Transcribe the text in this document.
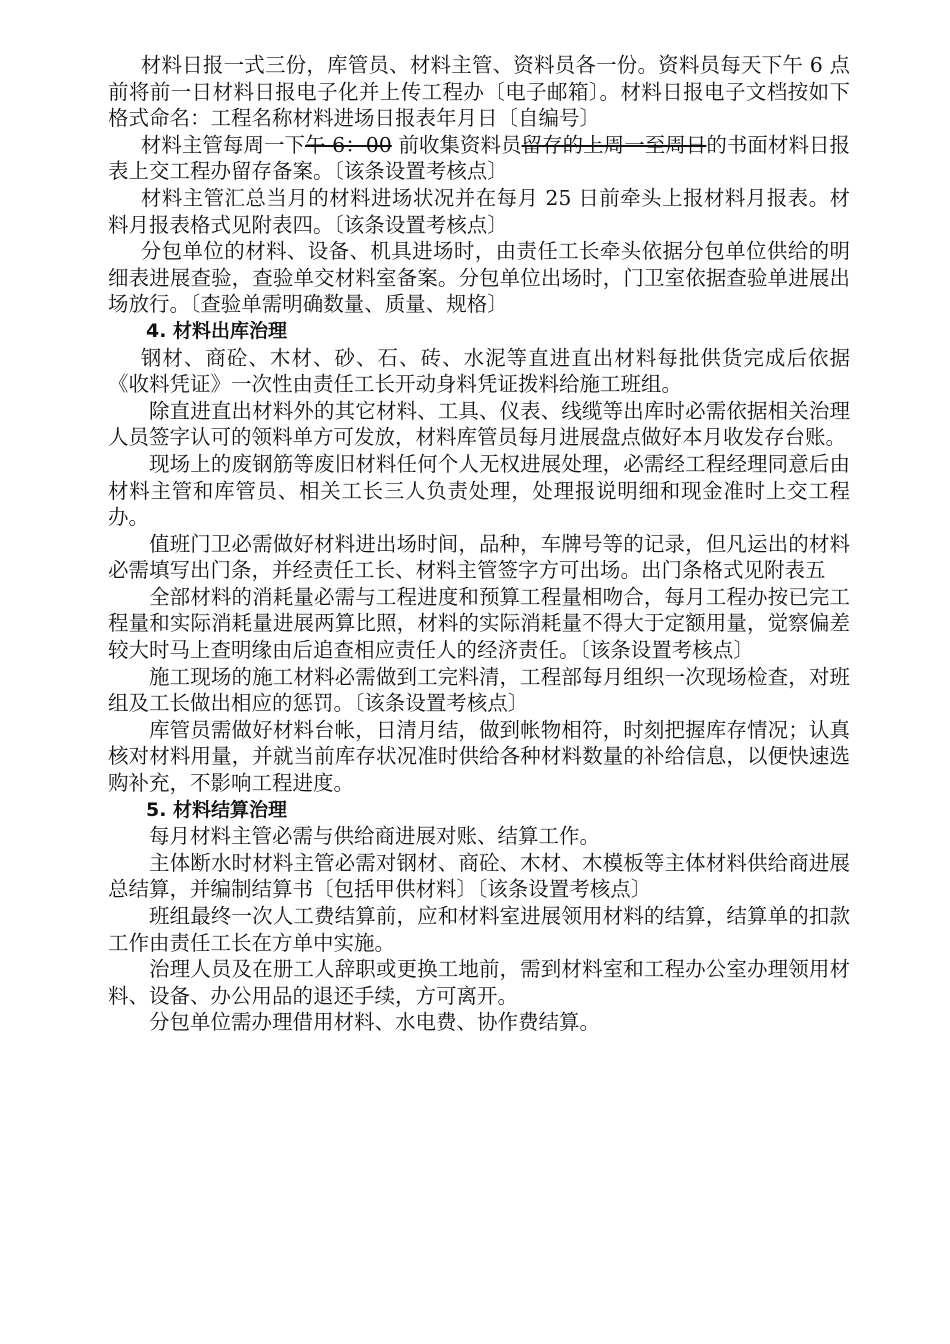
材料日报一式三份，库管员、材料主管、资料员各一份。资料员每天下午 6 点前将前一日材料日报电子化并上传工程办〔电子邮箱〕。材料日报电子文档按如下格式命名：工程名称材料进场日报表年月日〔自编号〕

材料主管每周一下午 6：00 前收集资料员留存的上周一至周日的书面材料日报表上交工程办留存备案。〔该条设置考核点〕

材料主管汇总当月的材料进场状况并在每月 25 日前牵头上报材料月报表。材料月报表格式见附表四。〔该条设置考核点〕

分包单位的材料、设备、机具进场时，由责任工长牵头依据分包单位供给的明细表进展查验，查验单交材料室备案。分包单位出场时，门卫室依据查验单进展出场放行。〔查验单需明确数量、质量、规格〕

4. 材料出库治理

钢材、商砼、木材、砂、石、砖、水泥等直进直出材料每批供货完成后依据《收料凭证》一次性由责任工长开动身料凭证拨料给施工班组。

除直进直出材料外的其它材料、工具、仪表、线缆等出库时必需依据相关治理人员签字认可的领料单方可发放，材料库管员每月进展盘点做好本月收发存台账。

现场上的废钢筋等废旧材料任何个人无权进展处理，必需经工程经理同意后由材料主管和库管员、相关工长三人负责处理，处理报说明细和现金准时上交工程办。

值班门卫必需做好材料进出场时间，品种，车牌号等的记录，但凡运出的材料必需填写出门条，并经责任工长、材料主管签字方可出场。出门条格式见附表五

全部材料的消耗量必需与工程进度和预算工程量相吻合，每月工程办按已完工程量和实际消耗量进展两算比照，材料的实际消耗量不得大于定额用量，觉察偏差较大时马上查明缘由后追查相应责任人的经济责任。〔该条设置考核点〕

施工现场的施工材料必需做到工完料清，工程部每月组织一次现场检查，对班组及工长做出相应的惩罚。〔该条设置考核点〕

库管员需做好材料台帐，日清月结，做到帐物相符，时刻把握库存情况；认真核对材料用量，并就当前库存状况准时供给各种材料数量的补给信息，以便快速选购补充，不影响工程进度。

5. 材料结算治理

每月材料主管必需与供给商进展对账、结算工作。

主体断水时材料主管必需对钢材、商砼、木材、木模板等主体材料供给商进展总结算，并编制结算书〔包括甲供材料〕〔该条设置考核点〕

班组最终一次人工费结算前，应和材料室进展领用材料的结算，结算单的扣款工作由责任工长在方单中实施。

治理人员及在册工人辞职或更换工地前，需到材料室和工程办公室办理领用材料、设备、办公用品的退还手续，方可离开。

分包单位需办理借用材料、水电费、协作费结算。
